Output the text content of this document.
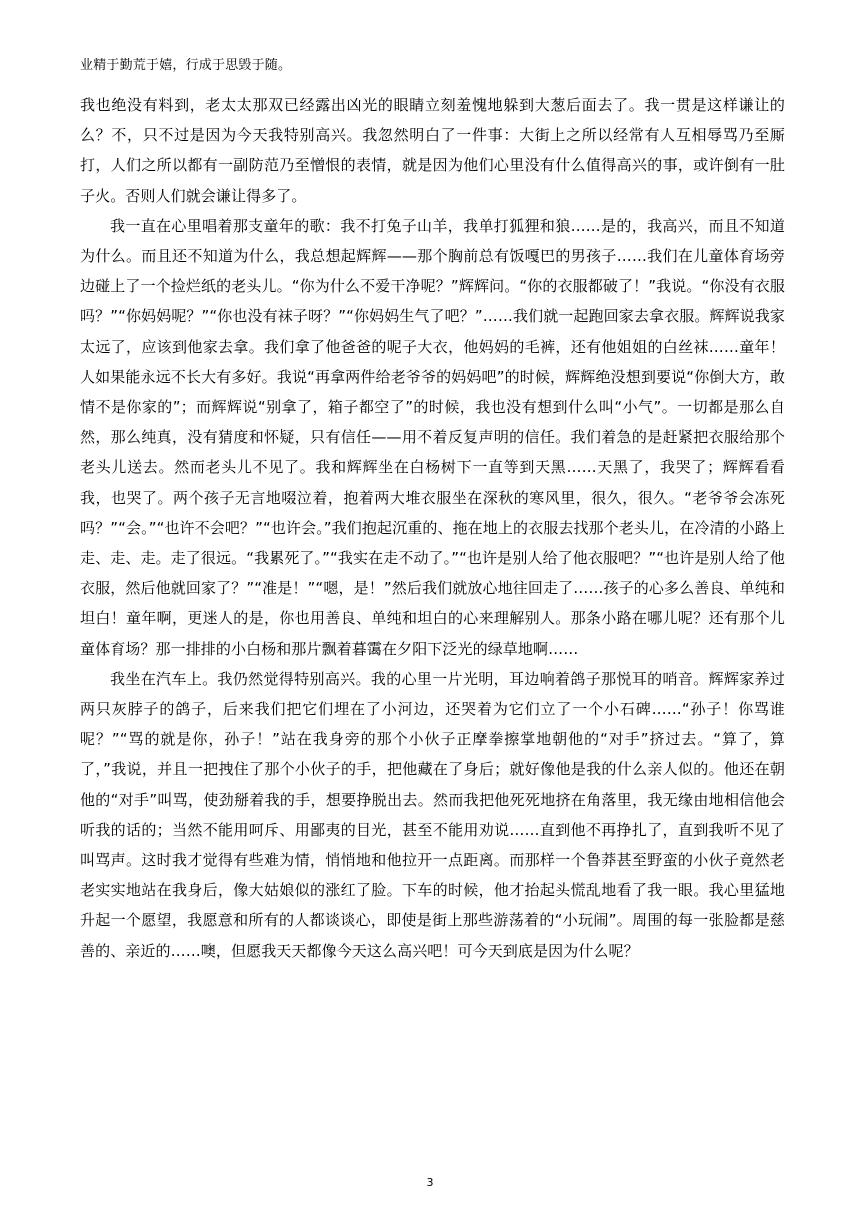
业精于勤荒于嬉，行成于思毁于随。

我也绝没有料到，老太太那双已经露出凶光的眼睛立刻羞愧地躲到大葱后面去了。我一贯是这样谦让的么？不，只不过是因为今天我特别高兴。我忽然明白了一件事：大街上之所以经常有人互相辱骂乃至厮打，人们之所以都有一副防范乃至憎恨的表情，就是因为他们心里没有什么值得高兴的事，或许倒有一肚子火。否则人们就会谦让得多了。

我一直在心里唱着那支童年的歌：我不打兔子山羊，我单打狐狸和狼……是的，我高兴，而且不知道为什么。而且还不知道为什么，我总想起辉辉——那个胸前总有饭嘎巴的男孩子……我们在儿童体育场旁边碰上了一个捡烂纸的老头儿。“你为什么不爱干净呢？”辉辉问。“你的衣服都破了！”我说。“你没有衣服吗？”“你妈妈呢？”“你也没有袜子呀？”“你妈妈生气了吧？”……我们就一起跑回家去拿衣服。辉辉说我家太远了，应该到他家去拿。我们拿了他爸爸的呢子大衣，他妈妈的毛裤，还有他姐姐的白丝袜……童年！人如果能永远不长大有多好。我说“再拿两件给老爷爷的妈妈吧”的时候，辉辉绝没想到要说“你倒大方，敢情不是你家的”；而辉辉说“别拿了，箱子都空了”的时候，我也没有想到什么叫“小气”。一切都是那么自然，那么纯真，没有猜度和怀疑，只有信任——用不着反复声明的信任。我们着急的是赶紧把衣服给那个老头儿送去。然而老头儿不见了。我和辉辉坐在白杨树下一直等到天黑……天黑了，我哭了；辉辉看看我，也哭了。两个孩子无言地啜泣着，抱着两大堆衣服坐在深秋的寒风里，很久，很久。“老爷爷会冻死吗？”“会。”“也许不会吧？”“也许会。”我们抱起沉重的、拖在地上的衣服去找那个老头儿，在冷清的小路上走、走、走。走了很远。“我累死了。”“我实在走不动了。”“也许是别人给了他衣服吧？”“也许是别人给了他衣服，然后他就回家了？”“准是！”“嗯，是！”然后我们就放心地往回走了……孩子的心多么善良、单纯和坦白！童年啊，更迷人的是，你也用善良、单纯和坦白的心来理解别人。那条小路在哪儿呢？还有那个儿童体育场？那一排排的小白杨和那片飘着暮霭在夕阳下泛光的绿草地啊……

我坐在汽车上。我仍然觉得特别高兴。我的心里一片光明，耳边响着鸽子那悦耳的哨音。辉辉家养过两只灰脖子的鸽子，后来我们把它们埋在了小河边，还哭着为它们立了一个小石碑……“孙子！你骂谁呢？”“骂的就是你，孙子！”站在我身旁的那个小伙子正摩拳擦掌地朝他的“对手”挤过去。“算了，算了，”我说，并且一把拽住了那个小伙子的手，把他藏在了身后；就好像他是我的什么亲人似的。他还在朝他的“对手”叫骂，使劲掰着我的手，想要挣脱出去。然而我把他死死地挤在角落里，我无缘由地相信他会听我的话的；当然不能用呵斥、用鄙夷的目光，甚至不能用劝说……直到他不再挣扎了，直到我听不见了叫骂声。这时我才觉得有些难为情，悄悄地和他拉开一点距离。而那样一个鲁莽甚至野蛮的小伙子竟然老老实实地站在我身后，像大姑娘似的涨红了脸。下车的时候，他才抬起头慌乱地看了我一眼。我心里猛地升起一个愿望，我愿意和所有的人都谈谈心，即使是街上那些游荡着的“小玩闹”。周围的每一张脸都是慈善的、亲近的……噢，但愿我天天都像今天这么高兴吧！可今天到底是因为什么呢？

3
